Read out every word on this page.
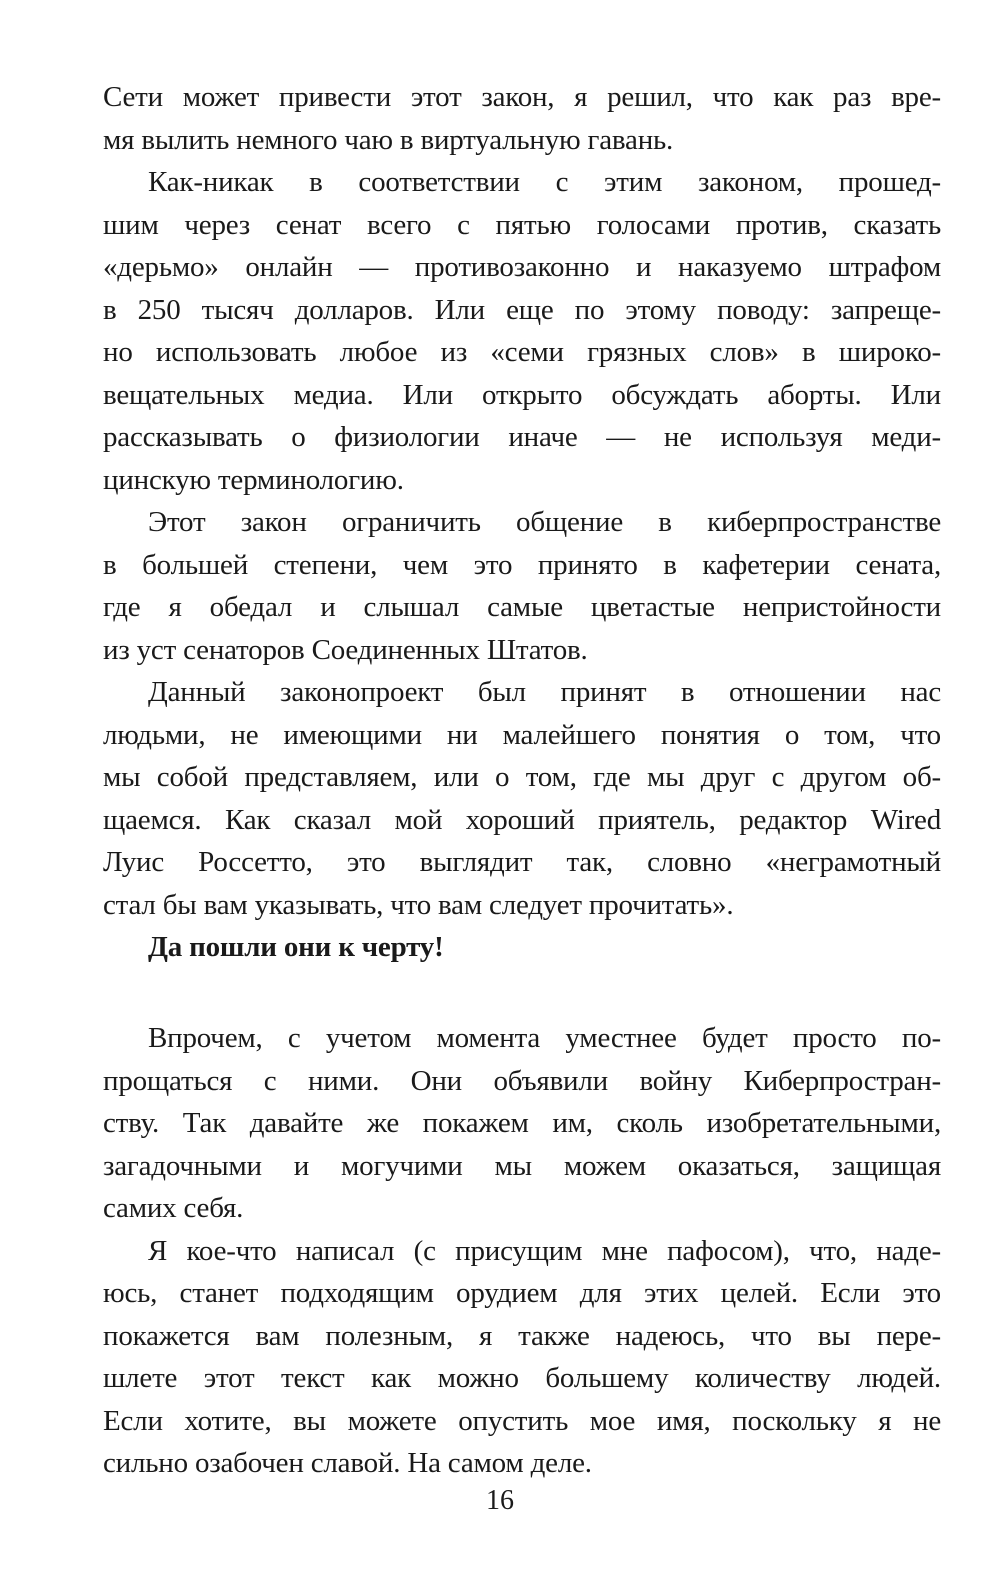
Сети может привести этот закон, я решил, что как раз вре-
мя вылить немного чаю в виртуальную гавань.
Как-никак в соответствии с этим законом, прошед-
шим через сенат всего с пятью голосами против, сказать
«дерьмо» онлайн — противозаконно и наказуемо штрафом
в 250 тысяч долларов. Или еще по этому поводу: запреще-
но использовать любое из «семи грязных слов» в широко-
вещательных медиа. Или открыто обсуждать аборты. Или
рассказывать о физиологии иначе — не используя меди-
цинскую терминологию.
Этот закон ограничить общение в киберпространстве
в большей степени, чем это принято в кафетерии сената,
где я обедал и слышал самые цветастые непристойности
из уст сенаторов Соединенных Штатов.
Данный законопроект был принят в отношении нас
людьми, не имеющими ни малейшего понятия о том, что
мы собой представляем, или о том, где мы друг с другом об-
щаемся. Как сказал мой хороший приятель, редактор Wired
Луис Россетто, это выглядит так, словно «неграмотный
стал бы вам указывать, что вам следует прочитать».
Да пошли они к черту!
Впрочем, с учетом момента уместнее будет просто по-
прощаться с ними. Они объявили войну Киберпростран-
ству. Так давайте же покажем им, сколь изобретательными,
загадочными и могучими мы можем оказаться, защищая
самих себя.
Я кое-что написал (с присущим мне пафосом), что, наде-
юсь, станет подходящим орудием для этих целей. Если это
покажется вам полезным, я также надеюсь, что вы пере-
шлете этот текст как можно большему количеству людей.
Если хотите, вы можете опустить мое имя, поскольку я не
сильно озабочен славой. На самом деле.
16
